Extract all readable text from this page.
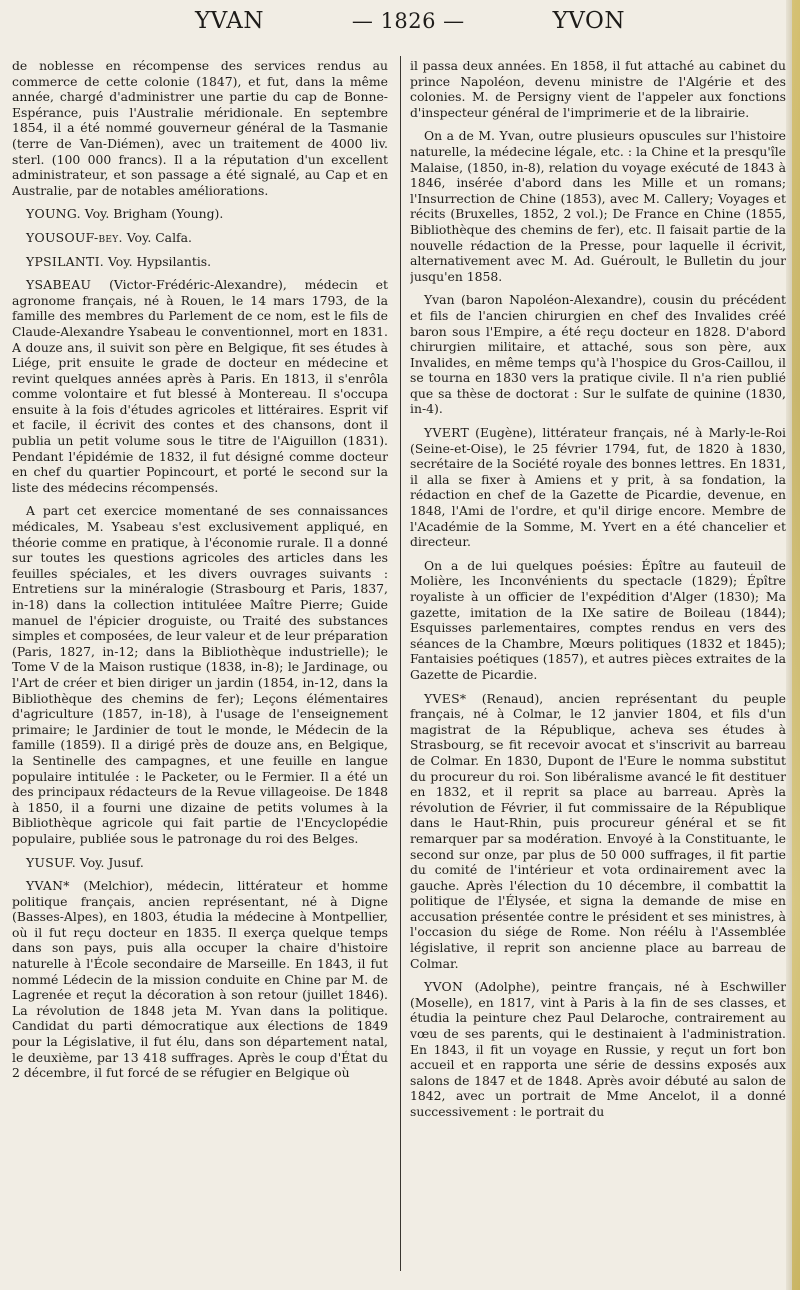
YVAN	— 1826 —	YVON

de noblesse en récompense des services rendus au commerce de cette colonie (1847), et fut, dans la même année, chargé d'administrer une partie du cap de Bonne-Espérance, puis l'Australie méridionale. En septembre 1854, il a été nommé gouverneur général de la Tasmanie (terre de Van-Diémen), avec un traitement de 4000 liv. sterl. (100 000 francs). Il a la réputation d'un excellent administrateur, et son passage a été signalé, au Cap et en Australie, par de notables améliorations.

YOUNG. Voy. Brigham (Young).

YOUSOUF-bey. Voy. Calfa.

YPSILANTI. Voy. Hypsilantis.

YSABEAU (Victor-Frédéric-Alexandre), médecin et agronome français, né à Rouen, le 14 mars 1793, de la famille des membres du Parlement de ce nom, est le fils de Claude-Alexandre Ysabeau le conventionnel, mort en 1831. A douze ans, il suivit son père en Belgique, fit ses études à Liége, prit ensuite le grade de docteur en médecine et revint quelques années après à Paris. En 1813, il s'enrôla comme volontaire et fut blessé à Montereau. Il s'occupa ensuite à la fois d'études agricoles et littéraires. Esprit vif et facile, il écrivit des contes et des chansons, dont il publia un petit volume sous le titre de l'Aiguillon (1831). Pendant l'épidémie de 1832, il fut désigné comme docteur en chef du quartier Popincourt, et porté le second sur la liste des médecins récompensés.

A part cet exercice momentané de ses connaissances médicales, M. Ysabeau s'est exclusivement appliqué, en théorie comme en pratique, à l'économie rurale. Il a donné sur toutes les questions agricoles des articles dans les feuilles spéciales, et les divers ouvrages suivants : Entretiens sur la minéralogie (Strasbourg et Paris, 1837, in-18) dans la collection intituléee Maître Pierre; Guide manuel de l'épicier droguiste, ou Traité des substances simples et composées, de leur valeur et de leur préparation (Paris, 1827, in-12; dans la Bibliothèque industrielle); le Tome V de la Maison rustique (1838, in-8); le Jardinage, ou l'Art de créer et bien diriger un jardin (1854, in-12, dans la Bibliothèque des chemins de fer); Leçons élémentaires d'agriculture (1857, in-18), à l'usage de l'enseignement primaire; le Jardinier de tout le monde, le Médecin de la famille (1859). Il a dirigé près de douze ans, en Belgique, la Sentinelle des campagnes, et une feuille en langue populaire intitulée : le Packeter, ou le Fermier. Il a été un des principaux rédacteurs de la Revue villageoise. De 1848 à 1850, il a fourni une dizaine de petits volumes à la Bibliothèque agricole qui fait partie de l'Encyclopédie populaire, publiée sous le patronage du roi des Belges.

YUSUF. Voy. Jusuf.

YVAN* (Melchior), médecin, littérateur et homme politique français, ancien représentant, né à Digne (Basses-Alpes), en 1803, étudia la médecine à Montpellier, où il fut reçu docteur en 1835. Il exerça quelque temps dans son pays, puis alla occuper la chaire d'histoire naturelle à l'École secondaire de Marseille. En 1843, il fut nommé Lédecin de la mission conduite en Chine par M. de Lagrenée et reçut la décoration à son retour (juillet 1846). La révolution de 1848 jeta M. Yvan dans la politique. Candidat du parti démocratique aux élections de 1849 pour la Législative, il fut élu, dans son département natal, le deuxième, par 13 418 suffrages. Après le coup d'État du 2 décembre, il fut forcé de se réfugier en Belgique où

il passa deux années. En 1858, il fut attaché au cabinet du prince Napoléon, devenu ministre de l'Algérie et des colonies. M. de Persigny vient de l'appeler aux fonctions d'inspecteur général de l'imprimerie et de la librairie.

On a de M. Yvan, outre plusieurs opuscules sur l'histoire naturelle, la médecine légale, etc. : la Chine et la presqu'île Malaise, (1850, in-8), relation du voyage exécuté de 1843 à 1846, insérée d'abord dans les Mille et un romans; l'Insurrection de Chine (1853), avec M. Callery; Voyages et récits (Bruxelles, 1852, 2 vol.); De France en Chine (1855, Bibliothèque des chemins de fer), etc. Il faisait partie de la nouvelle rédaction de la Presse, pour laquelle il écrivit, alternativement avec M. Ad. Guéroult, le Bulletin du jour jusqu'en 1858.

Yvan (baron Napoléon-Alexandre), cousin du précédent et fils de l'ancien chirurgien en chef des Invalides créé baron sous l'Empire, a été reçu docteur en 1828. D'abord chirurgien militaire, et attaché, sous son père, aux Invalides, en même temps qu'à l'hospice du Gros-Caillou, il se tourna en 1830 vers la pratique civile. Il n'a rien publié que sa thèse de doctorat : Sur le sulfate de quinine (1830, in-4).

YVERT (Eugène), littérateur français, né à Marly-le-Roi (Seine-et-Oise), le 25 février 1794, fut, de 1820 à 1830, secrétaire de la Société royale des bonnes lettres. En 1831, il alla se fixer à Amiens et y prit, à sa fondation, la rédaction en chef de la Gazette de Picardie, devenue, en 1848, l'Ami de l'ordre, et qu'il dirige encore. Membre de l'Académie de la Somme, M. Yvert en a été chancelier et directeur.

On a de lui quelques poésies: Épître au fauteuil de Molière, les Inconvénients du spectacle (1829); Épître royaliste à un officier de l'expédition d'Alger (1830); Ma gazette, imitation de la IXe satire de Boileau (1844); Esquisses parlementaires, comptes rendus en vers des séances de la Chambre, Mœurs politiques (1832 et 1845); Fantaisies poétiques (1857), et autres pièces extraites de la Gazette de Picardie.

YVES* (Renaud), ancien représentant du peuple français, né à Colmar, le 12 janvier 1804, et fils d'un magistrat de la République, acheva ses études à Strasbourg, se fit recevoir avocat et s'inscrivit au barreau de Colmar. En 1830, Dupont de l'Eure le nomma substitut du procureur du roi. Son libéralisme avancé le fit destituer en 1832, et il reprit sa place au barreau. Après la révolution de Février, il fut commissaire de la République dans le Haut-Rhin, puis procureur général et se fit remarquer par sa modération. Envoyé à la Constituante, le second sur onze, par plus de 50 000 suffrages, il fit partie du comité de l'intérieur et vota ordinairement avec la gauche. Après l'élection du 10 décembre, il combattit la politique de l'Élysée, et signa la demande de mise en accusation présentée contre le président et ses ministres, à l'occasion du siége de Rome. Non réélu à l'Assemblée législative, il reprit son ancienne place au barreau de Colmar.

YVON (Adolphe), peintre français, né à Eschwiller (Moselle), en 1817, vint à Paris à la fin de ses classes, et étudia la peinture chez Paul Delaroche, contrairement au vœu de ses parents, qui le destinaient à l'administration. En 1843, il fit un voyage en Russie, y reçut un fort bon accueil et en rapporta une série de dessins exposés aux salons de 1847 et de 1848. Après avoir débuté au salon de 1842, avec un portrait de Mme Ancelot, il a donné successivement : le portrait du
